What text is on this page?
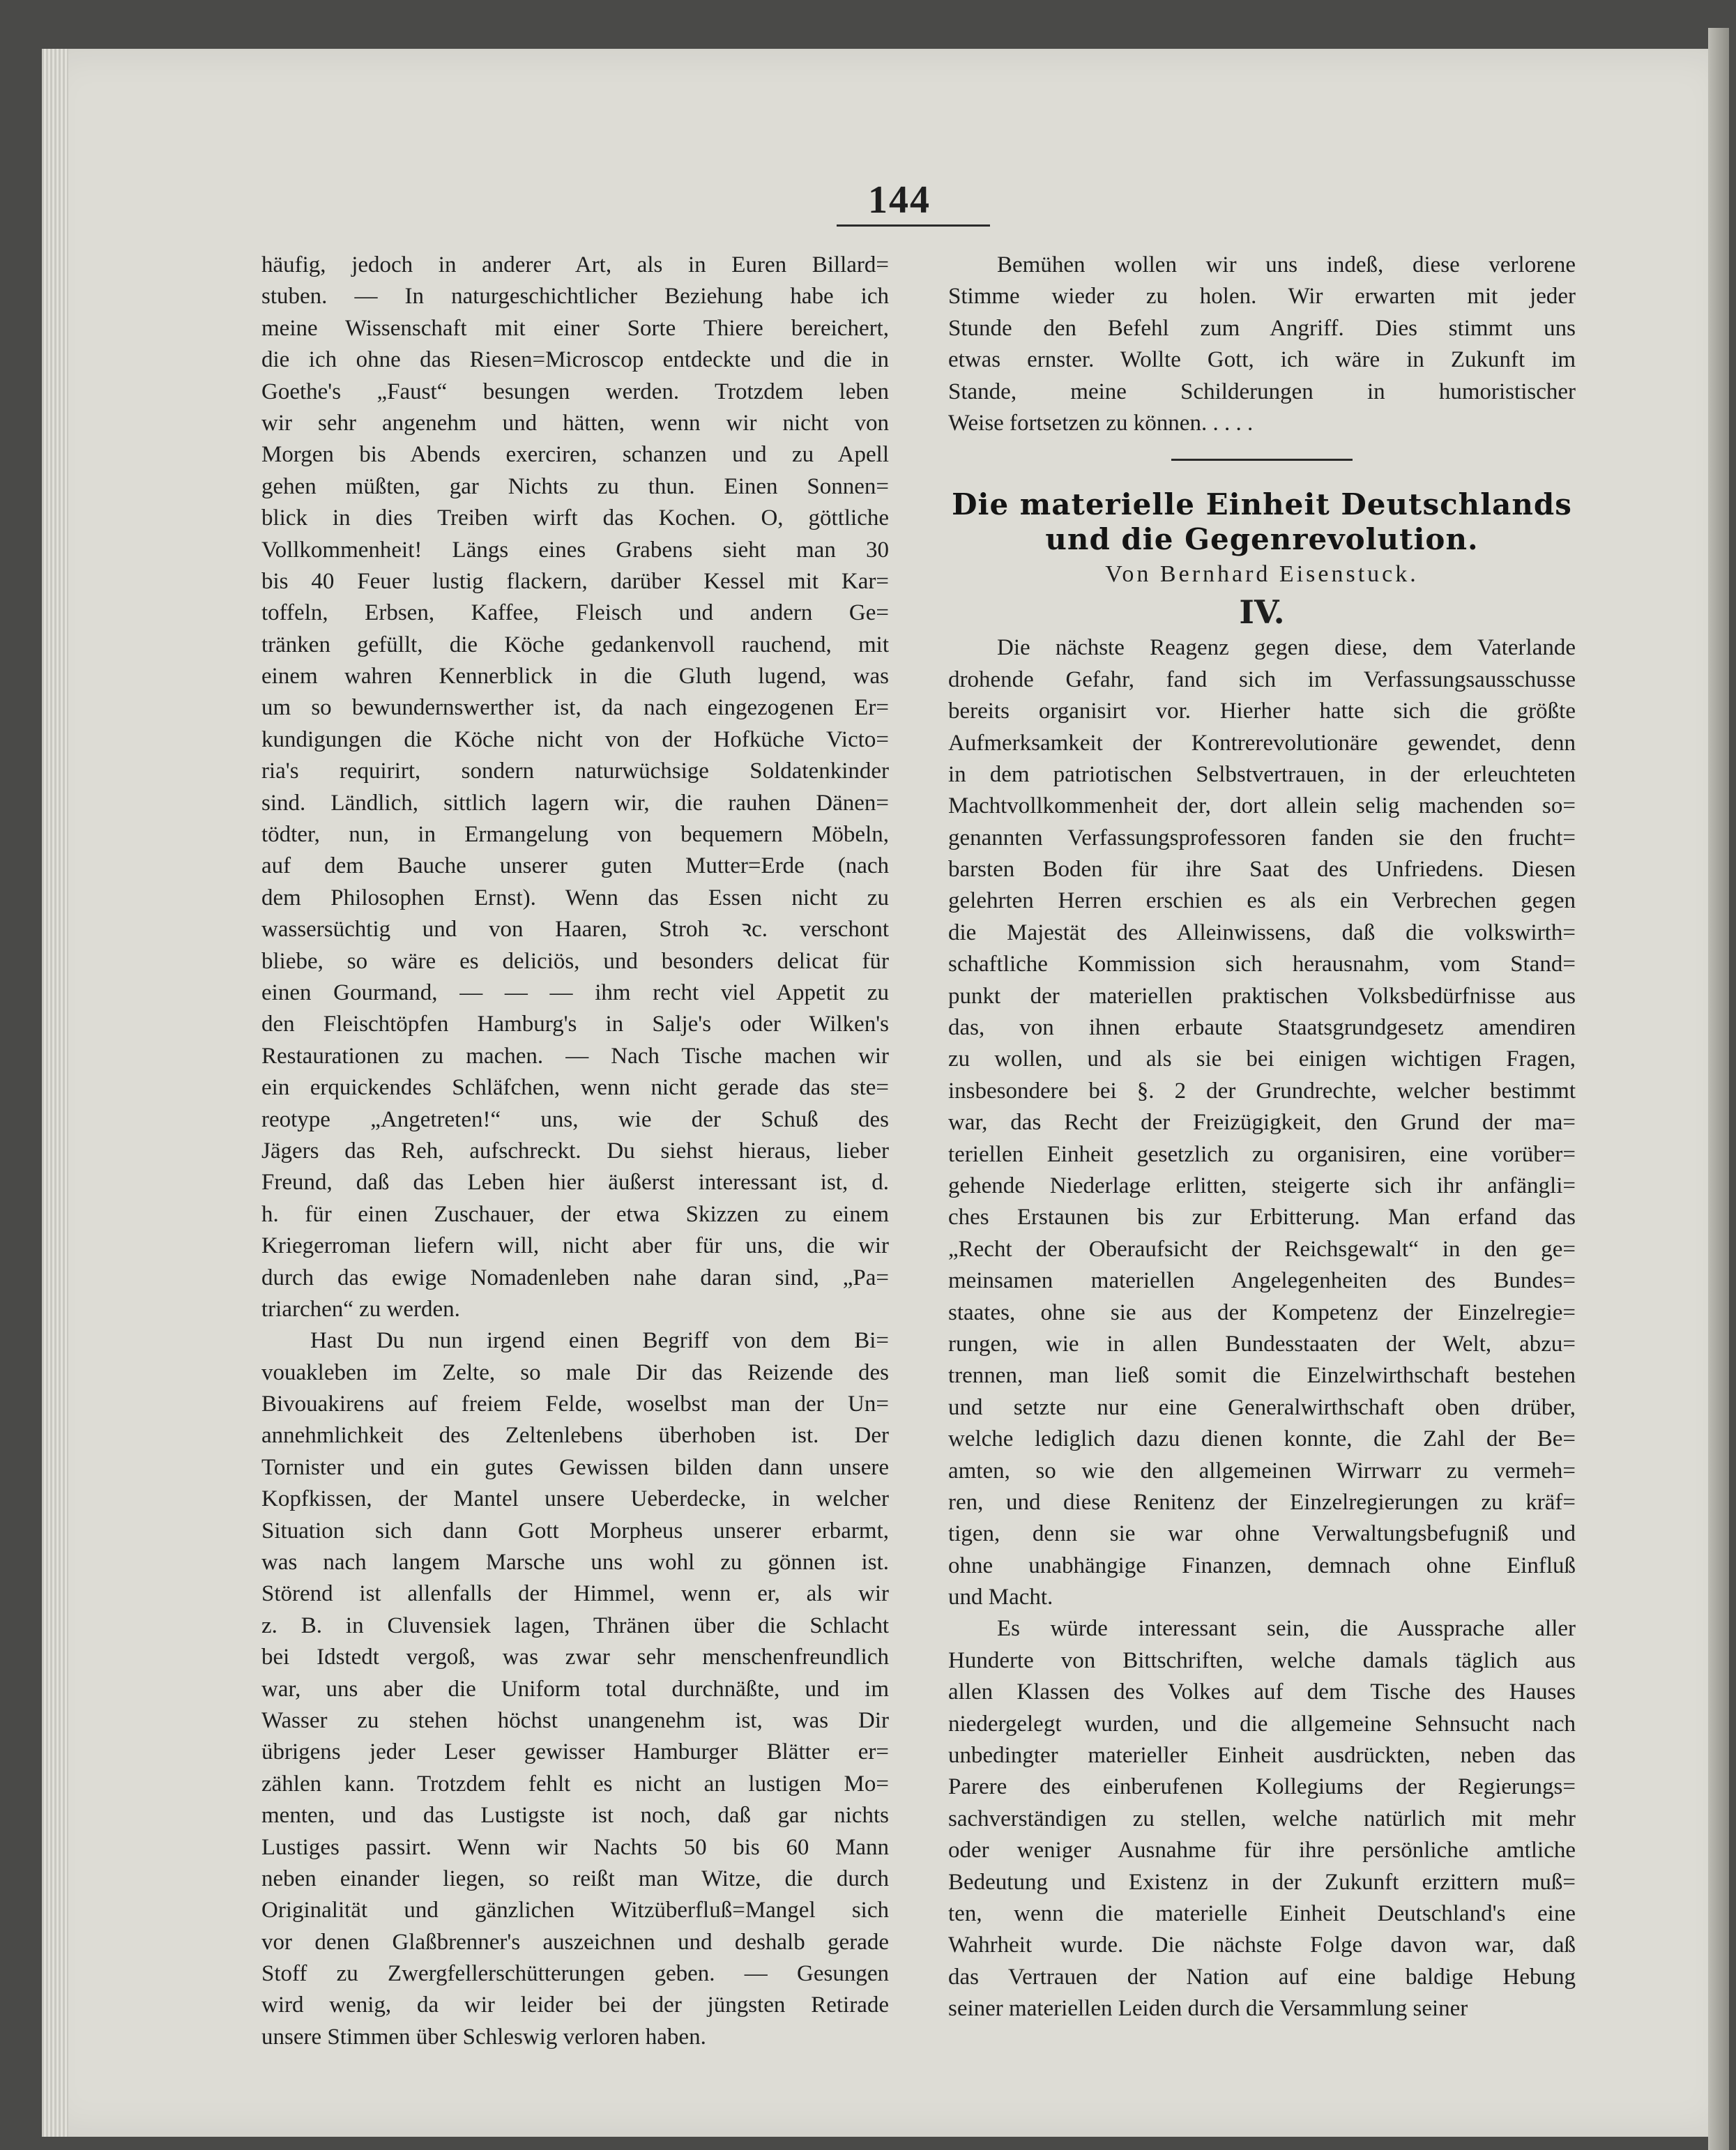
144
häufig, jedoch in anderer Art, als in Euren Billard=
stuben. — In naturgeschichtlicher Beziehung habe ich
meine Wissenschaft mit einer Sorte Thiere bereichert,
die ich ohne das Riesen=Microscop entdeckte und die in
Goethe's „Faust“ besungen werden. Trotzdem leben
wir sehr angenehm und hätten, wenn wir nicht von
Morgen bis Abends exerciren, schanzen und zu Apell
gehen müßten, gar Nichts zu thun. Einen Sonnen=
blick in dies Treiben wirft das Kochen. O, göttliche
Vollkommenheit! Längs eines Grabens sieht man 30
bis 40 Feuer lustig flackern, darüber Kessel mit Kar=
toffeln, Erbsen, Kaffee, Fleisch und andern Ge=
tränken gefüllt, die Köche gedankenvoll rauchend, mit
einem wahren Kennerblick in die Gluth lugend, was
um so bewundernswerther ist, da nach eingezogenen Er=
kundigungen die Köche nicht von der Hofküche Victo=
ria's requirirt, sondern naturwüchsige Soldatenkinder
sind. Ländlich, sittlich lagern wir, die rauhen Dänen=
tödter, nun, in Ermangelung von bequemern Möbeln,
auf dem Bauche unserer guten Mutter=Erde (nach
dem Philosophen Ernst). Wenn das Essen nicht zu
wassersüchtig und von Haaren, Stroh ꝛc. verschont
bliebe, so wäre es deliciös, und besonders delicat für
einen Gourmand, — — — ihm recht viel Appetit zu
den Fleischtöpfen Hamburg's in Salje's oder Wilken's
Restaurationen zu machen. — Nach Tische machen wir
ein erquickendes Schläfchen, wenn nicht gerade das ste=
reotype „Angetreten!“ uns, wie der Schuß des
Jägers das Reh, aufschreckt. Du siehst hieraus, lieber
Freund, daß das Leben hier äußerst interessant ist, d.
h. für einen Zuschauer, der etwa Skizzen zu einem
Kriegerroman liefern will, nicht aber für uns, die wir
durch das ewige Nomadenleben nahe daran sind, „Pa=
triarchen“ zu werden.
Hast Du nun irgend einen Begriff von dem Bi=
vouakleben im Zelte, so male Dir das Reizende des
Bivouakirens auf freiem Felde, woselbst man der Un=
annehmlichkeit des Zeltenlebens überhoben ist. Der
Tornister und ein gutes Gewissen bilden dann unsere
Kopfkissen, der Mantel unsere Ueberdecke, in welcher
Situation sich dann Gott Morpheus unserer erbarmt,
was nach langem Marsche uns wohl zu gönnen ist.
Störend ist allenfalls der Himmel, wenn er, als wir
z. B. in Cluvensiek lagen, Thränen über die Schlacht
bei Idstedt vergoß, was zwar sehr menschenfreundlich
war, uns aber die Uniform total durchnäßte, und im
Wasser zu stehen höchst unangenehm ist, was Dir
übrigens jeder Leser gewisser Hamburger Blätter er=
zählen kann. Trotzdem fehlt es nicht an lustigen Mo=
menten, und das Lustigste ist noch, daß gar nichts
Lustiges passirt. Wenn wir Nachts 50 bis 60 Mann
neben einander liegen, so reißt man Witze, die durch
Originalität und gänzlichen Witzüberfluß=Mangel sich
vor denen Glaßbrenner's auszeichnen und deshalb gerade
Stoff zu Zwergfellerschütterungen geben. — Gesungen
wird wenig, da wir leider bei der jüngsten Retirade
unsere Stimmen über Schleswig verloren haben.
Bemühen wollen wir uns indeß, diese verlorene
Stimme wieder zu holen. Wir erwarten mit jeder
Stunde den Befehl zum Angriff. Dies stimmt uns
etwas ernster. Wollte Gott, ich wäre in Zukunft im
Stande, meine Schilderungen in humoristischer
Weise fortsetzen zu können. . . . .
Die materielle Einheit Deutschlands
und die Gegenrevolution.
Von Bernhard Eisenstuck.
IV.
Die nächste Reagenz gegen diese, dem Vaterlande
drohende Gefahr, fand sich im Verfassungsausschusse
bereits organisirt vor. Hierher hatte sich die größte
Aufmerksamkeit der Kontrerevolutionäre gewendet, denn
in dem patriotischen Selbstvertrauen, in der erleuchteten
Machtvollkommenheit der, dort allein selig machenden so=
genannten Verfassungsprofessoren fanden sie den frucht=
barsten Boden für ihre Saat des Unfriedens. Diesen
gelehrten Herren erschien es als ein Verbrechen gegen
die Majestät des Alleinwissens, daß die volkswirth=
schaftliche Kommission sich herausnahm, vom Stand=
punkt der materiellen praktischen Volksbedürfnisse aus
das, von ihnen erbaute Staatsgrundgesetz amendiren
zu wollen, und als sie bei einigen wichtigen Fragen,
insbesondere bei §. 2 der Grundrechte, welcher bestimmt
war, das Recht der Freizügigkeit, den Grund der ma=
teriellen Einheit gesetzlich zu organisiren, eine vorüber=
gehende Niederlage erlitten, steigerte sich ihr anfängli=
ches Erstaunen bis zur Erbitterung. Man erfand das
„Recht der Oberaufsicht der Reichsgewalt“ in den ge=
meinsamen materiellen Angelegenheiten des Bundes=
staates, ohne sie aus der Kompetenz der Einzelregie=
rungen, wie in allen Bundesstaaten der Welt, abzu=
trennen, man ließ somit die Einzelwirthschaft bestehen
und setzte nur eine Generalwirthschaft oben drüber,
welche lediglich dazu dienen konnte, die Zahl der Be=
amten, so wie den allgemeinen Wirrwarr zu vermeh=
ren, und diese Renitenz der Einzelregierungen zu kräf=
tigen, denn sie war ohne Verwaltungsbefugniß und
ohne unabhängige Finanzen, demnach ohne Einfluß
und Macht.
Es würde interessant sein, die Aussprache aller
Hunderte von Bittschriften, welche damals täglich aus
allen Klassen des Volkes auf dem Tische des Hauses
niedergelegt wurden, und die allgemeine Sehnsucht nach
unbedingter materieller Einheit ausdrückten, neben das
Parere des einberufenen Kollegiums der Regierungs=
sachverständigen zu stellen, welche natürlich mit mehr
oder weniger Ausnahme für ihre persönliche amtliche
Bedeutung und Existenz in der Zukunft erzittern muß=
ten, wenn die materielle Einheit Deutschland's eine
Wahrheit wurde. Die nächste Folge davon war, daß
das Vertrauen der Nation auf eine baldige Hebung
seiner materiellen Leiden durch die Versammlung seiner
